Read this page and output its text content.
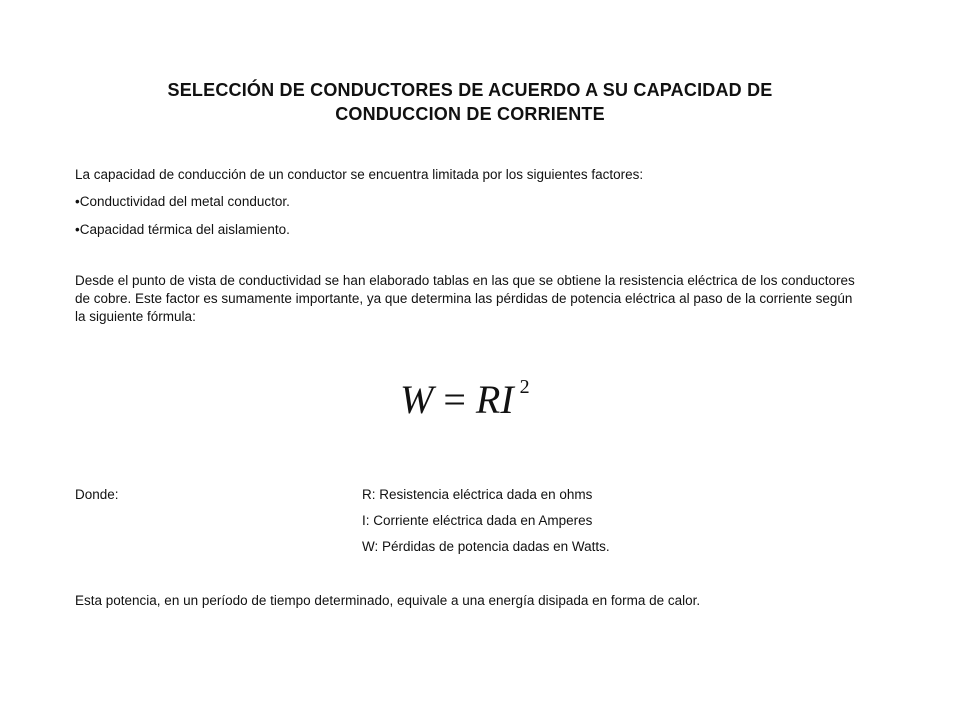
SELECCIÓN DE CONDUCTORES DE ACUERDO A SU CAPACIDAD DE
CONDUCCION DE CORRIENTE

La capacidad de conducción de un conductor se encuentra limitada por los siguientes factores:

•Conductividad del metal conductor.

•Capacidad térmica del aislamiento.

Desde el punto de vista de conductividad se han elaborado tablas en las que se obtiene la resistencia eléctrica de los conductores de cobre. Este factor es sumamente importante, ya que determina las pérdidas de potencia eléctrica al paso de la corriente según la siguiente fórmula:

W = RI $^2$
Donde:	R: Resistencia eléctrica dada en ohms
I: Corriente eléctrica dada en Amperes
W: Pérdidas de potencia dadas en Watts.

Esta potencia, en un período de tiempo determinado, equivale a una energía disipada en forma de calor.
